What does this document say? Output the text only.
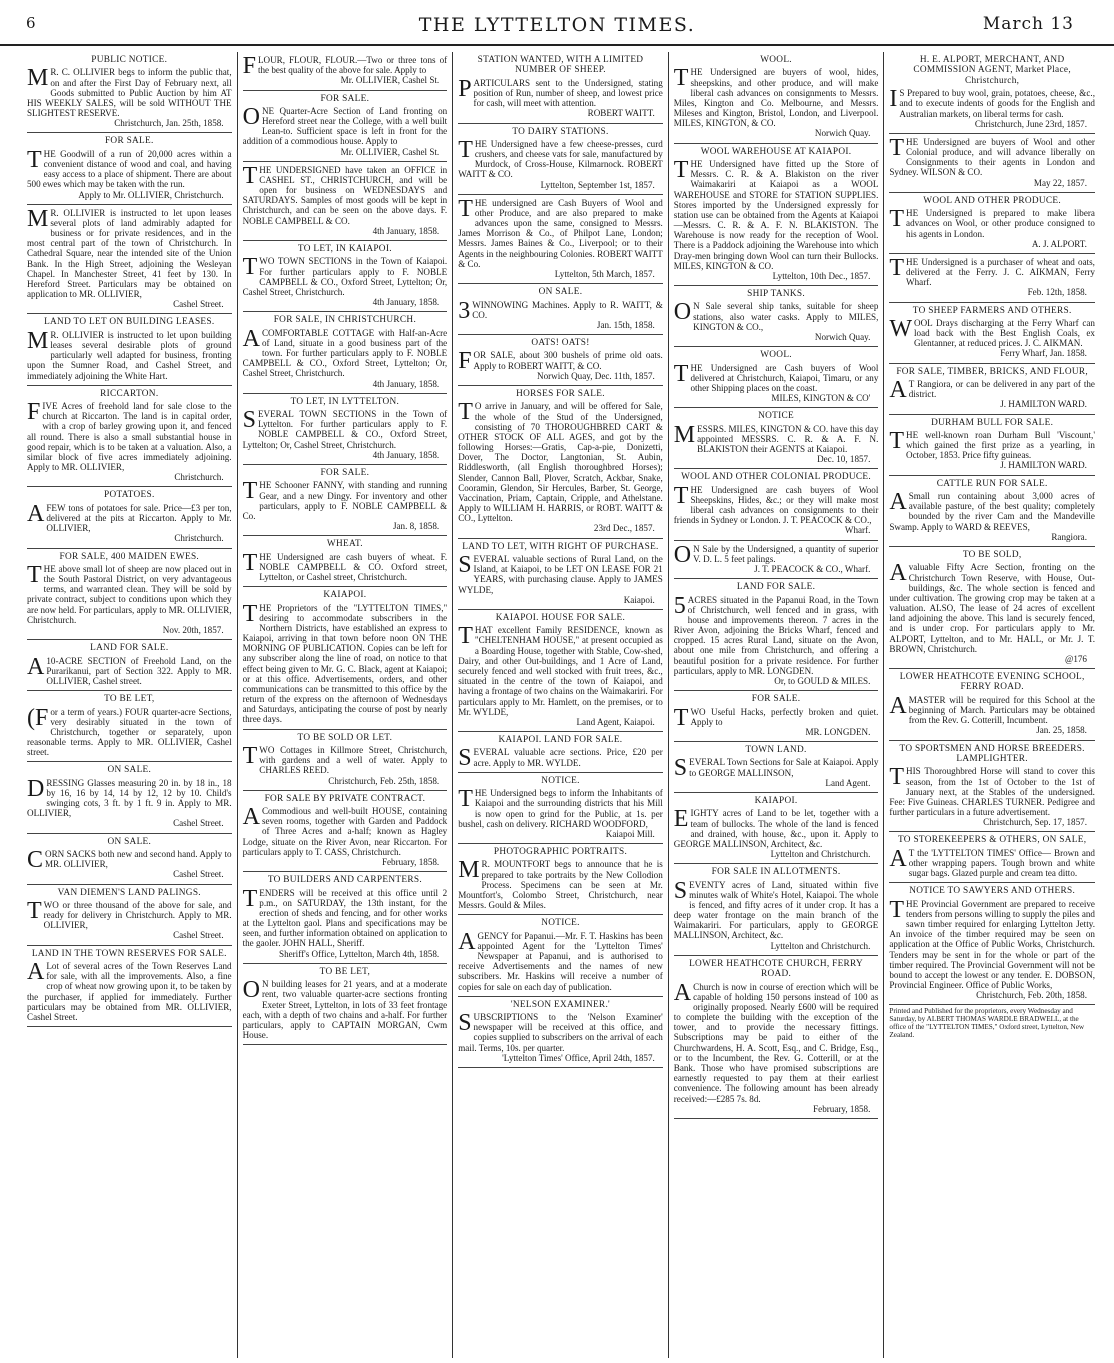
6	THE LYTTELTON TIMES.	March 13
PUBLIC NOTICE.
MR. C. OLLIVIER begs to inform the public that, on and after the First Day of February next, all Goods submitted to Public Auction by him AT HIS WEEKLY SALES, will be sold WITHOUT THE SLIGHTEST RESERVE.
Christchurch, Jan. 25th, 1858.
FOR SALE.
THE Goodwill of a run of 20,000 acres within a convenient distance of wood and coal, and having easy access to a place of shipment. There are about 500 ewes which may be taken with the run.
Apply to Mr. OLLIVIER, Christchurch.
MR. OLLIVIER is instructed to let upon leases several plots of land admirably adapted for business or for private residences, and in the most central part of the town of Christchurch. In Cathedral Square, near the intended site of the Union Bank. In the High Street, adjoining the Wesleyan Chapel. In Manchester Street, 41 feet by 130. In Hereford Street. Particulars may be obtained on application to MR. OLLIVIER,
Cashel Street.
LAND TO LET ON BUILDING LEASES.
MR. OLLIVIER is instructed to let upon building leases several desirable plots of ground particularly well adapted for business, fronting upon the Sumner Road, and Cashel Street, and immediately adjoining the White Hart.
RICCARTON.
FIVE Acres of freehold land for sale close to the church at Riccarton. The land is in capital order, with a crop of barley growing upon it, and fenced all round. There is also a small substantial house in good repair, which is to be taken at a valuation. Also, a similar block of five acres immediately adjoining. Apply to MR. OLLIVIER,
Christchurch.
POTATOES.
AFEW tons of potatoes for sale. Price—£3 per ton, delivered at the pits at Riccarton. Apply to Mr. OLLIVIER,
Christchurch.
FOR SALE, 400 MAIDEN EWES.
THE above small lot of sheep are now placed out in the South Pastoral District, on very advantageous terms, and warranted clean. They will be sold by private contract, subject to conditions upon which they are now held. For particulars, apply to MR. OLLIVIER, Christchurch.
Nov. 20th, 1857.
LAND FOR SALE.
A10-ACRE SECTION of Freehold Land, on the Purarikanui, part of Section 322. Apply to MR. OLLIVIER, Cashel street.
TO BE LET,
(For a term of years.) FOUR quarter-acre Sections, very desirably situated in the town of Christchurch, together or separately, upon reasonable terms. Apply to MR. OLLIVIER, Cashel street.
ON SALE.
DRESSING Glasses measuring 20 in. by 18 in., 18 by 16, 16 by 14, 14 by 12, 12 by 10. Child's swinging cots, 3 ft. by 1 ft. 9 in. Apply to MR. OLLIVIER,
Cashel Street.
ON SALE.
CORN SACKS both new and second hand. Apply to MR. OLLIVIER,
Cashel Street.
VAN DIEMEN'S LAND PALINGS.
TWO or three thousand of the above for sale, and ready for delivery in Christchurch. Apply to MR. OLLIVIER,
Cashel Street.
LAND IN THE TOWN RESERVES FOR SALE.
ALot of several acres of the Town Reserves Land for sale, with all the improvements. Also, a fine crop of wheat now growing upon it, to be taken by the purchaser, if applied for immediately. Further particulars may be obtained from MR. OLLIVIER, Cashel Street.
FLOUR, FLOUR, FLOUR.—Two or three tons of the best quality of the above for sale. Apply to
Mr. OLLIVIER, Cashel St.
FOR SALE.
ONE Quarter-Acre Section of Land fronting on Hereford street near the College, with a well built Lean-to. Sufficient space is left in front for the addition of a commodious house. Apply to
Mr. OLLIVIER, Cashel St.
THE UNDERSIGNED have taken an OFFICE in CASHEL ST., CHRISTCHURCH, and will be open for business on WEDNESDAYS and SATURDAYS. Samples of most goods will be kept in Christchurch, and can be seen on the above days. F. NOBLE CAMPBELL & CO.
4th January, 1858.
TO LET, IN KAIAPOI.
TWO TOWN SECTIONS in the Town of Kaiapoi. For further particulars apply to F. NOBLE CAMPBELL & CO., Oxford Street, Lyttelton; Or, Cashel Street, Christchurch.
4th January, 1858.
FOR SALE, IN CHRISTCHURCH.
ACOMFORTABLE COTTAGE with Half-an-Acre of Land, situate in a good business part of the town. For further particulars apply to F. NOBLE CAMPBELL & CO., Oxford Street, Lyttelton; Or, Cashel Street, Christchurch.
4th January, 1858.
TO LET, IN LYTTELTON.
SEVERAL TOWN SECTIONS in the Town of Lyttelton. For further particulars apply to F. NOBLE CAMPBELL & CO., Oxford Street, Lyttelton; Or, Cashel Street, Christchurch.
4th January, 1858.
FOR SALE.
THE Schooner FANNY, with standing and running Gear, and a new Dingy. For inventory and other particulars, apply to F. NOBLE CAMPBELL & Co.
Jan. 8, 1858.
WHEAT.
THE Undersigned are cash buyers of wheat. F. NOBLE CAMPBELL & CO. Oxford street, Lyttelton, or Cashel street, Christchurch.
KAIAPOI.
THE Proprietors of the "LYTTELTON TIMES," desiring to accommodate subscribers in the Northern Districts, have established an express to Kaiapoi, arriving in that town before noon ON THE MORNING OF PUBLICATION. Copies can be left for any subscriber along the line of road, on notice to that effect being given to Mr. G. C. Black, agent at Kaiapoi; or at this office. Advertisements, orders, and other communications can be transmitted to this office by the return of the express on the afternoon of Wednesdays and Saturdays, anticipating the course of post by nearly three days.
TO BE SOLD OR LET.
TWO Cottages in Killmore Street, Christchurch, with gardens and a well of water. Apply to CHARLES REED.
Christchurch, Feb. 25th, 1858.
FOR SALE BY PRIVATE CONTRACT.
ACommodious and well-built HOUSE, containing seven rooms, together with Garden and Paddock of Three Acres and a-half; known as Hagley Lodge, situate on the River Avon, near Riccarton. For particulars apply to T. CASS, Christchurch.
February, 1858.
TO BUILDERS AND CARPENTERS.
TENDERS will be received at this office until 2 p.m., on SATURDAY, the 13th instant, for the erection of sheds and fencing, and for other works at the Lyttelton gaol. Plans and specifications may be seen, and further information obtained on application to the gaoler. JOHN HALL, Sheriff.
Sheriff's Office, Lyttelton, March 4th, 1858.
TO BE LET,
ON building leases for 21 years, and at a moderate rent, two valuable quarter-acre sections fronting Exeter Street, Lyttelton, in lots of 33 feet frontage each, with a depth of two chains and a-half. For further particulars, apply to CAPTAIN MORGAN, Cwm House.
STATION WANTED, WITH A LIMITED NUMBER OF SHEEP.
PARTICULARS sent to the Undersigned, stating position of Run, number of sheep, and lowest price for cash, will meet with attention.
ROBERT WAITT.
TO DAIRY STATIONS.
THE Undersigned have a few cheese-presses, curd crushers, and cheese vats for sale, manufactured by Murdock, of Cross-House, Kilmarnock. ROBERT WAITT & CO.
Lyttelton, September 1st, 1857.
THE undersigned are Cash Buyers of Wool and other Produce, and are also prepared to make advances upon the same, consigned to Messrs. James Morrison & Co., of Philpot Lane, London; Messrs. James Baines & Co., Liverpool; or to their Agents in the neighbouring Colonies. ROBERT WAITT & Co.
Lyttelton, 5th March, 1857.
ON SALE.
3WINNOWING Machines. Apply to R. WAITT, & CO.
Jan. 15th, 1858.
OATS! OATS!
FOR SALE, about 300 bushels of prime old oats. Apply to ROBERT WAITT, & CO.
Norwich Quay, Dec. 11th, 1857.
HORSES FOR SALE.
TO arrive in January, and will be offered for Sale, the whole of the Stud of the Undersigned, consisting of 70 THOROUGHBRED CART & OTHER STOCK OF ALL AGES, and got by the following Horses:—Gratis, Cap-a-pie, Donizetti, Dover, The Doctor, Langtonian, St. Aubin, Riddlesworth, (all English thoroughbred Horses); Slender, Cannon Ball, Plover, Scratch, Ackbar, Snake, Cooramin, Glendon, Sir Hercules, Barber, St. George, Vaccination, Priam, Captain, Cripple, and Athelstane. Apply to WILLIAM H. HARRIS, or ROBT. WAITT & CO., Lyttelton.
23rd Dec., 1857.
LAND TO LET, WITH RIGHT OF PURCHASE.
SEVERAL valuable sections of Rural Land, on the Island, at Kaiapoi, to be LET ON LEASE FOR 21 YEARS, with purchasing clause. Apply to JAMES WYLDE,
Kaiapoi.
KAIAPOI. HOUSE FOR SALE.
THAT excellent Family RESIDENCE, known as "CHELTENHAM HOUSE," at present occupied as a Boarding House, together with Stable, Cow-shed, Dairy, and other Out-buildings, and 1 Acre of Land, securely fenced and well stocked with fruit trees, &c., situated in the centre of the town of Kaiapoi, and having a frontage of two chains on the Waimakariri. For particulars apply to Mr. Hamlett, on the premises, or to Mr. WYLDE,
Land Agent, Kaiapoi.
KAIAPOI. LAND FOR SALE.
SEVERAL valuable acre sections. Price, £20 per acre. Apply to MR. WYLDE.
NOTICE.
THE Undersigned begs to inform the Inhabitants of Kaiapoi and the surrounding districts that his Mill is now open to grind for the Public, at 1s. per bushel, cash on delivery. RICHARD WOODFORD,
Kaiapoi Mill.
PHOTOGRAPHIC PORTRAITS.
MR. MOUNTFORT begs to announce that he is prepared to take portraits by the New Collodion Process. Specimens can be seen at Mr. Mountfort's, Colombo Street, Christchurch, near Messrs. Gould & Miles.
NOTICE.
AGENCY for Papanui.—Mr. F. T. Haskins has been appointed Agent for the 'Lyttelton Times' Newspaper at Papanui, and is authorised to receive Advertisements and the names of new subscribers. Mr. Haskins will receive a number of copies for sale on each day of publication.
'NELSON EXAMINER.'
SUBSCRIPTIONS to the 'Nelson Examiner' newspaper will be received at this office, and copies supplied to subscribers on the arrival of each mail. Terms, 10s. per quarter.
'Lyttelton Times' Office, April 24th, 1857.
WOOL.
THE Undersigned are buyers of wool, hides, sheepskins, and other produce, and will make liberal cash advances on consignments to Messrs. Miles, Kington and Co. Melbourne, and Messrs. Mileses and Kington, Bristol, London, and Liverpool. MILES, KINGTON, & CO.
Norwich Quay.
WOOL WAREHOUSE AT KAIAPOI.
THE Undersigned have fitted up the Store of Messrs. C. R. & A. Blakiston on the river Waimakariri at Kaiapoi as a WOOL WAREHOUSE and STORE for STATION SUPPLIES. Stores imported by the Undersigned expressly for station use can be obtained from the Agents at Kaiapoi—Messrs. C. R. & A. F. N. BLAKISTON. The Warehouse is now ready for the reception of Wool. There is a Paddock adjoining the Warehouse into which Dray-men bringing down Wool can turn their Bullocks. MILES, KINGTON & CO.
Lyttelton, 10th Dec., 1857.
SHIP TANKS.
ON Sale several ship tanks, suitable for sheep stations, also water casks. Apply to MILES, KINGTON & CO.,
Norwich Quay.
WOOL.
THE Undersigned are Cash buyers of Wool delivered at Christchurch, Kaiapoi, Timaru, or any other Shipping places on the coast.
MILES, KINGTON & CO'
NOTICE
MESSRS. MILES, KINGTON & CO. have this day appointed MESSRS. C. R. & A. F. N. BLAKISTON their AGENTS at Kaiapoi.
Dec. 10, 1857.
WOOL AND OTHER COLONIAL PRODUCE.
THE Undersigned are cash buyers of Wool Sheepskins, Hides, &c.; or they will make most liberal cash advances on consignments to their friends in Sydney or London. J. T. PEACOCK & CO.,
Wharf.
ON Sale by the Undersigned, a quantity of superior V. D. L. 5 feet palings.
J. T. PEACOCK & CO., Wharf.
LAND FOR SALE.
5ACRES situated in the Papanui Road, in the Town of Christchurch, well fenced and in grass, with house and improvements thereon. 7 acres in the River Avon, adjoining the Bricks Wharf, fenced and cropped. 15 acres Rural Land, situate on the Avon, about one mile from Christchurch, and offering a beautiful position for a private residence. For further particulars, apply to MR. LONGDEN.
Or, to GOULD & MILES.
FOR SALE.
TWO Useful Hacks, perfectly broken and quiet. Apply to
MR. LONGDEN.
TOWN LAND.
SEVERAL Town Sections for Sale at Kaiapoi. Apply to GEORGE MALLINSON,
Land Agent.
KAIAPOI.
EIGHTY acres of Land to be let, together with a team of bullocks. The whole of the land is fenced and drained, with house, &c., upon it. Apply to GEORGE MALLINSON, Architect, &c.
Lyttelton and Christchurch.
FOR SALE IN ALLOTMENTS.
SEVENTY acres of Land, situated within five minutes walk of White's Hotel, Kaiapoi. The whole is fenced, and fifty acres of it under crop. It has a deep water frontage on the main branch of the Waimakariri. For particulars, apply to GEORGE MALLINSON, Architect, &c.
Lyttelton and Christchurch.
LOWER HEATHCOTE CHURCH, FERRY ROAD.
AChurch is now in course of erection which will be capable of holding 150 persons instead of 100 as originally proposed. Nearly £600 will be required to complete the building with the exception of the tower, and to provide the necessary fittings. Subscriptions may be paid to either of the Churchwardens, H. A. Scott, Esq., and C. Bridge, Esq., or to the Incumbent, the Rev. G. Cotterill, or at the Bank. Those who have promised subscriptions are earnestly requested to pay them at their earliest convenience. The following amount has been already received:—£285 7s. 8d.
February, 1858.
H. E. ALPORT, MERCHANT, AND COMMISSION AGENT, Market Place, Christchurch,
IS Prepared to buy wool, grain, potatoes, cheese, &c., and to execute indents of goods for the English and Australian markets, on liberal terms for cash.
Christchurch, June 23rd, 1857.
THE Undersigned are buyers of Wool and other Colonial produce, and will advance liberally on Consignments to their agents in London and Sydney. WILSON & CO.
May 22, 1857.
WOOL AND OTHER PRODUCE.
THE Undersigned is prepared to make libera advances on Wool, or other produce consigned to his agents in London.
A. J. ALPORT.
THE Undersigned is a purchaser of wheat and oats, delivered at the Ferry. J. C. AIKMAN, Ferry Wharf.
Feb. 12th, 1858.
TO SHEEP FARMERS AND OTHERS.
WOOL Drays discharging at the Ferry Wharf can load back with the Best English Coals, ex Glentanner, at reduced prices. J. C. AIKMAN.
Ferry Wharf, Jan. 1858.
FOR SALE, TIMBER, BRICKS, AND FLOUR,
AT Rangiora, or can be delivered in any part of the district.
J. HAMILTON WARD.
DURHAM BULL FOR SALE.
THE well-known roan Durham Bull 'Viscount,' which gained the first prize as a yearling, in October, 1853. Price fifty guineas.
J. HAMILTON WARD.
CATTLE RUN FOR SALE.
ASmall run containing about 3,000 acres of available pasture, of the best quality; completely bounded by the river Cam and the Mandeville Swamp. Apply to WARD & REEVES,
Rangiora.
TO BE SOLD,
Avaluable Fifty Acre Section, fronting on the Christchurch Town Reserve, with House, Out-buildings, &c. The whole section is fenced and under cultivation. The growing crop may be taken at a valuation. ALSO, The lease of 24 acres of excellent land adjoining the above. This land is securely fenced, and is under crop. For particulars apply to Mr. ALPORT, Lyttelton, and to Mr. HALL, or Mr. J. T. BROWN, Christchurch.
@176
LOWER HEATHCOTE EVENING SCHOOL, FERRY ROAD.
AMASTER will be required for this School at the beginning of March. Particulars may be obtained from the Rev. G. Cotterill, Incumbent.
Jan. 25, 1858.
TO SPORTSMEN AND HORSE BREEDERS. LAMPLIGHTER.
THIS Thoroughbred Horse will stand to cover this season, from the 1st of October to the 1st of January next, at the Stables of the undersigned. Fee: Five Guineas. CHARLES TURNER. Pedigree and further particulars in a future advertisement.
Christchurch, Sep. 17, 1857.
TO STOREKEEPERS & OTHERS, ON SALE,
AT the 'LYTTELTON TIMES' Office— Brown and other wrapping papers. Tough brown and white sugar bags. Glazed purple and cream tea ditto.
NOTICE TO SAWYERS AND OTHERS.
THE Provincial Government are prepared to receive tenders from persons willing to supply the piles and sawn timber required for enlarging Lyttelton Jetty. An invoice of the timber required may be seen on application at the Office of Public Works, Christchurch. Tenders may be sent in for the whole or part of the timber required. The Provincial Government will not be bound to accept the lowest or any tender. E. DOBSON, Provincial Engineer. Office of Public Works,
Christchurch, Feb. 20th, 1858.
Printed and Published for the proprietors, every Wednesday and Saturday, by ALBERT THOMAS WARDLE BRADWELL, at the office of the "LYTTELTON TIMES," Oxford street, Lyttelton, New Zealand.
